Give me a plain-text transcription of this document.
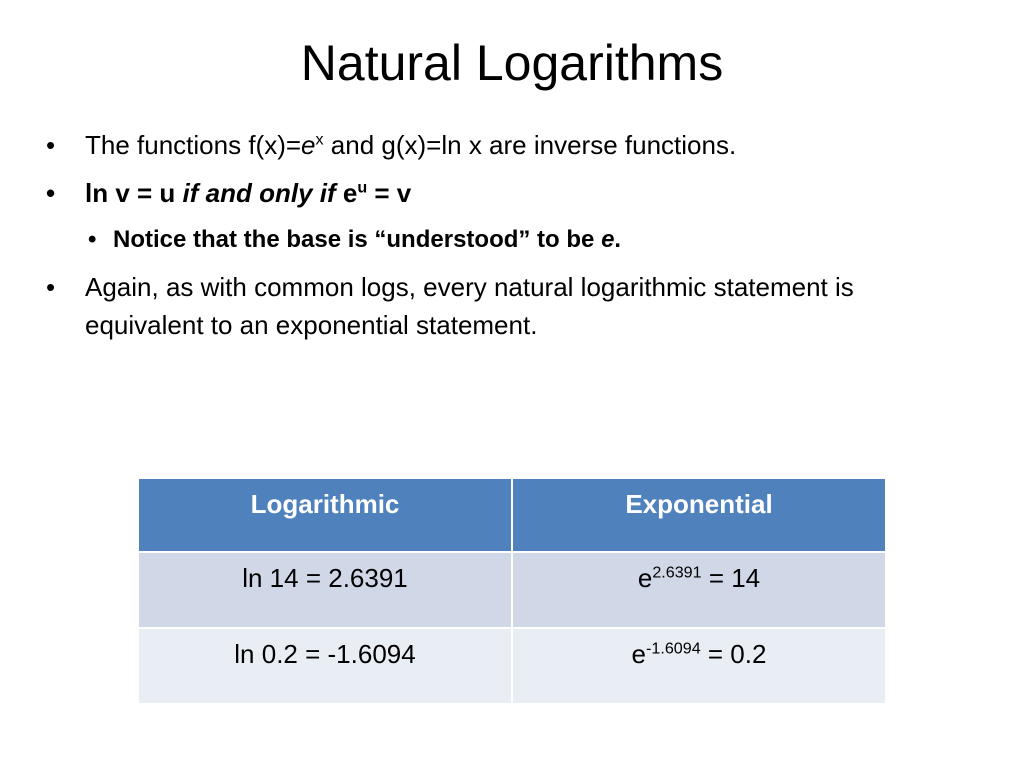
Natural Logarithms
• The functions $f(x)=e^x$ and g(x)=ln x are inverse functions.
• ln v = u if and only if $e^u = v$
• Notice that the base is “understood” to be e.
• Again, as with common logs, every natural logarithmic statement is equivalent to an exponential statement.
Logarithmic	Exponential
ln 14 = 2.6391	$e^{2.6391} = 14$
ln 0.2 = -1.6094	$e^{-1.6094} = 0.2$
